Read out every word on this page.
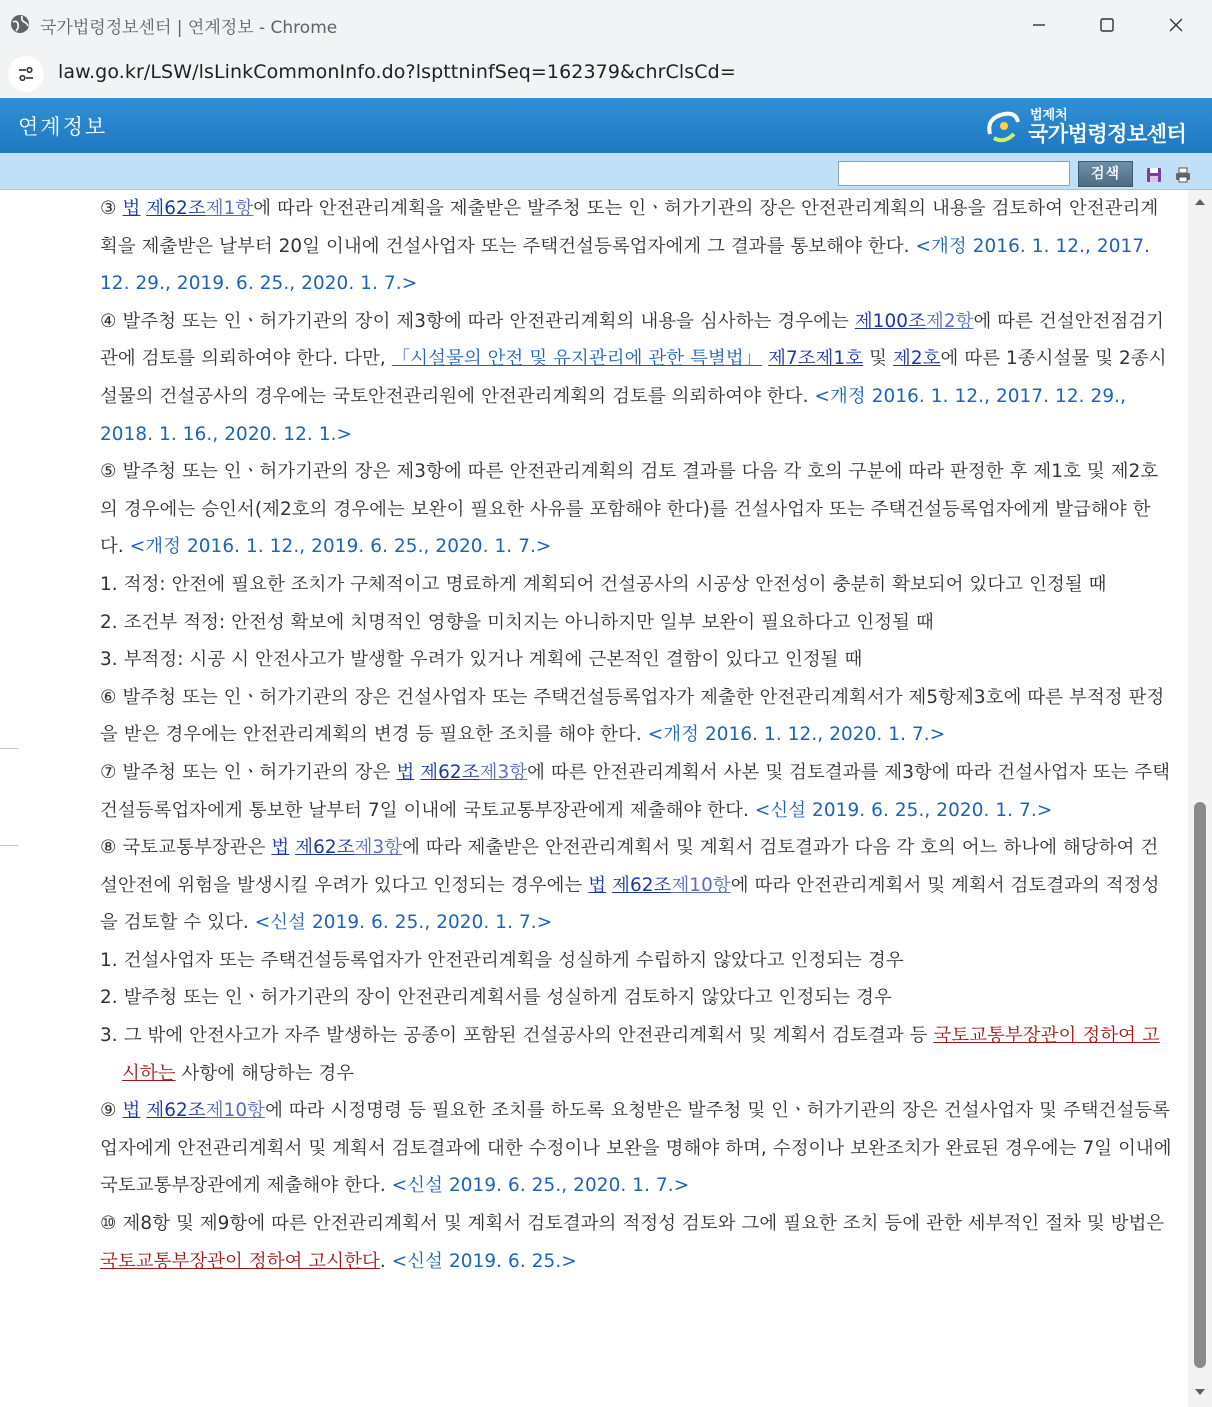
국가법령정보센터 | 연계정보 - Chrome
law.go.kr/LSW/lsLinkCommonInfo.do?lspttninfSeq=162379&chrClsCd=
연계정보	법제처
국가법령정보센터
검색

③ 법 제62조제1항에 따라 안전관리계획을 제출받은 발주청 또는 인ㆍ허가기관의 장은 안전관리계획의 내용을 검토하여 안전관리계획을 제출받은 날부터 20일 이내에 건설사업자 또는 주택건설등록업자에게 그 결과를 통보해야 한다. <개정 2016. 1. 12., 2017. 12. 29., 2019. 6. 25., 2020. 1. 7.>

④ 발주청 또는 인ㆍ허가기관의 장이 제3항에 따라 안전관리계획의 내용을 심사하는 경우에는 제100조제2항에 따른 건설안전점검기관에 검토를 의뢰하여야 한다. 다만, 「시설물의 안전 및 유지관리에 관한 특별법」 제7조제1호 및 제2호에 따른 1종시설물 및 2종시설물의 건설공사의 경우에는 국토안전관리원에 안전관리계획의 검토를 의뢰하여야 한다. <개정 2016. 1. 12., 2017. 12. 29., 2018. 1. 16., 2020. 12. 1.>

⑤ 발주청 또는 인ㆍ허가기관의 장은 제3항에 따른 안전관리계획의 검토 결과를 다음 각 호의 구분에 따라 판정한 후 제1호 및 제2호의 경우에는 승인서(제2호의 경우에는 보완이 필요한 사유를 포함해야 한다)를 건설사업자 또는 주택건설등록업자에게 발급해야 한다. <개정 2016. 1. 12., 2019. 6. 25., 2020. 1. 7.>

1. 적정: 안전에 필요한 조치가 구체적이고 명료하게 계획되어 건설공사의 시공상 안전성이 충분히 확보되어 있다고 인정될 때

2. 조건부 적정: 안전성 확보에 치명적인 영향을 미치지는 아니하지만 일부 보완이 필요하다고 인정될 때

3. 부적정: 시공 시 안전사고가 발생할 우려가 있거나 계획에 근본적인 결함이 있다고 인정될 때

⑥ 발주청 또는 인ㆍ허가기관의 장은 건설사업자 또는 주택건설등록업자가 제출한 안전관리계획서가 제5항제3호에 따른 부적정 판정을 받은 경우에는 안전관리계획의 변경 등 필요한 조치를 해야 한다. <개정 2016. 1. 12., 2020. 1. 7.>

⑦ 발주청 또는 인ㆍ허가기관의 장은 법 제62조제3항에 따른 안전관리계획서 사본 및 검토결과를 제3항에 따라 건설사업자 또는 주택건설등록업자에게 통보한 날부터 7일 이내에 국토교통부장관에게 제출해야 한다. <신설 2019. 6. 25., 2020. 1. 7.>

⑧ 국토교통부장관은 법 제62조제3항에 따라 제출받은 안전관리계획서 및 계획서 검토결과가 다음 각 호의 어느 하나에 해당하여 건설안전에 위험을 발생시킬 우려가 있다고 인정되는 경우에는 법 제62조제10항에 따라 안전관리계획서 및 계획서 검토결과의 적정성을 검토할 수 있다. <신설 2019. 6. 25., 2020. 1. 7.>

1. 건설사업자 또는 주택건설등록업자가 안전관리계획을 성실하게 수립하지 않았다고 인정되는 경우

2. 발주청 또는 인ㆍ허가기관의 장이 안전관리계획서를 성실하게 검토하지 않았다고 인정되는 경우

3. 그 밖에 안전사고가 자주 발생하는 공종이 포함된 건설공사의 안전관리계획서 및 계획서 검토결과 등 국토교통부장관이 정하여 고시하는 사항에 해당하는 경우

⑨ 법 제62조제10항에 따라 시정명령 등 필요한 조치를 하도록 요청받은 발주청 및 인ㆍ허가기관의 장은 건설사업자 및 주택건설등록업자에게 안전관리계획서 및 계획서 검토결과에 대한 수정이나 보완을 명해야 하며, 수정이나 보완조치가 완료된 경우에는 7일 이내에 국토교통부장관에게 제출해야 한다. <신설 2019. 6. 25., 2020. 1. 7.>

⑩ 제8항 및 제9항에 따른 안전관리계획서 및 계획서 검토결과의 적정성 검토와 그에 필요한 조치 등에 관한 세부적인 절차 및 방법은 국토교통부장관이 정하여 고시한다. <신설 2019. 6. 25.>
